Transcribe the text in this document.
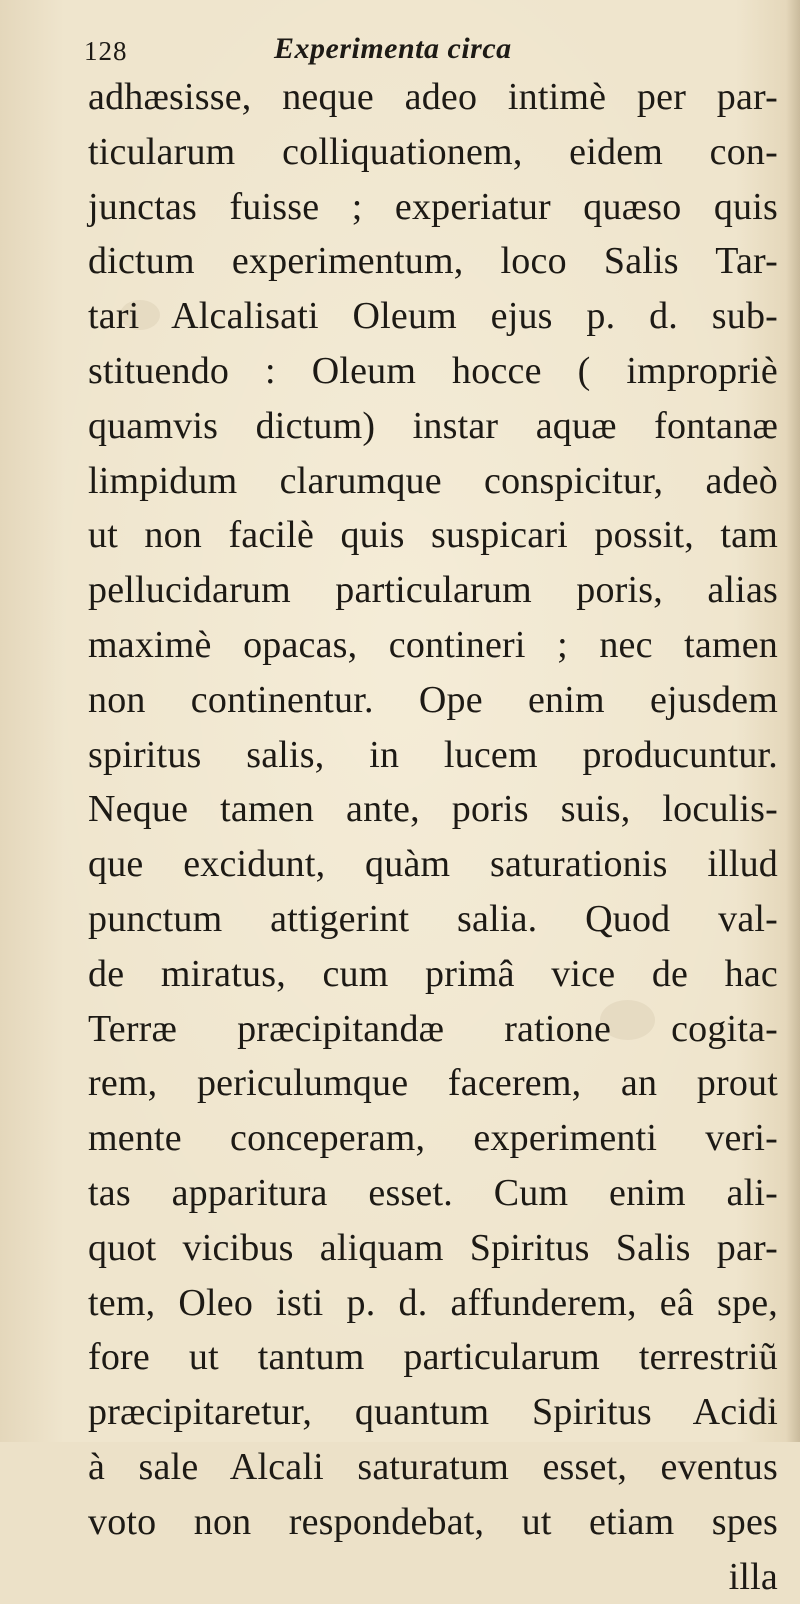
128	Experimenta circa
adhæsisse, neque adeo intimè per par-
ticularum colliquationem, eidem con-
junctas fuisse ; experiatur quæso quis
dictum experimentum, loco Salis Tar-
tari Alcalisati Oleum ejus p. d. sub-
stituendo : Oleum hocce ( impropriè
quamvis dictum) instar aquæ fontanæ
limpidum clarumque conspicitur, adeò
ut non facilè quis suspicari possit, tam
pellucidarum particularum poris, alias
maximè opacas, contineri ; nec tamen
non continentur. Ope enim ejusdem
spiritus salis, in lucem producuntur.
Neque tamen ante, poris suis, loculis-
que excidunt, quàm saturationis illud
punctum attigerint salia. Quod val-
de miratus, cum primâ vice de hac
Terræ præcipitandæ ratione cogita-
rem, periculumque facerem, an prout
mente conceperam, experimenti veri-
tas apparitura esset. Cum enim ali-
quot vicibus aliquam Spiritus Salis par-
tem, Oleo isti p. d. affunderem, eâ spe,
fore ut tantum particularum terrestriũ
præcipitaretur, quantum Spiritus Acidi
à sale Alcali saturatum esset, eventus
voto non respondebat, ut etiam spes
illa
